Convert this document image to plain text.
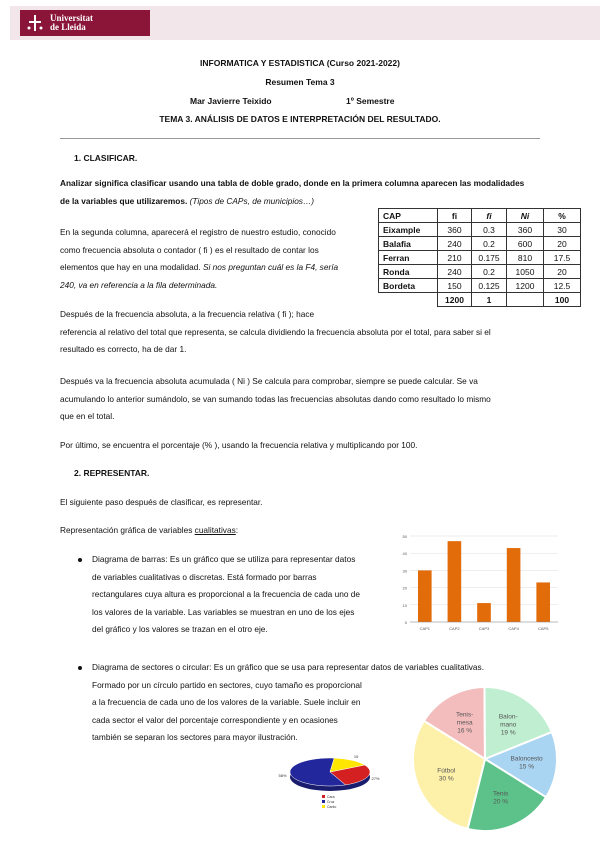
Universitat
de Lleida
INFORMATICA Y ESTADISTICA (Curso 2021-2022)
Resumen Tema 3
Mar Javierre Teixido	1º Semestre
TEMA 3. ANÁLISIS DE DATOS E INTERPRETACIÓN DEL RESULTADO.
1. CLASIFICAR.
Analizar significa clasificar usando una tabla de doble grado, donde en la primera columna aparecen las modalidades
de la variables que utilizaremos. (Tipos de CAPs, de municipios…)
En la segunda columna, aparecerá el registro de nuestro estudio, conocido
como frecuencia absoluta o contador ( fi ) es el resultado de contar los
elementos que hay en una modalidad. Si nos preguntan cuál es la F4, sería
240, va en referencia a la fila determinada.
CAP	fi	fi	Ni	%
Eixample	360	0.3	360	30
Balafia	240	0.2	600	20
Ferran	210	0.175	810	17.5
Ronda	240	0.2	1050	20
Bordeta	150	0.125	1200	12.5
	1200	1		100
Después de la frecuencia absoluta, a la frecuencia relativa ( fi ); hace
referencia al relativo del total que representa, se calcula dividiendo la frecuencia absoluta por el total, para saber si el
resultado es correcto, ha de dar 1.
Después va la frecuencia absoluta acumulada ( Ni ) Se calcula para comprobar, siempre se puede calcular. Se va
acumulando lo anterior sumándolo, se van sumando todas las frecuencias absolutas dando como resultado lo mismo
que en el total.
Por último, se encuentra el porcentaje (% ), usando la frecuencia relativa y multiplicando por 100.
2. REPRESENTAR.
El siguiente paso después de clasificar, es representar.
Representación gráfica de variables cualitativas:
Diagrama de barras: Es un gráfico que se utiliza para representar datos
de variables cualitativas o discretas. Está formado por barras
rectangulares cuya altura es proporcional a la frecuencia de cada uno de
los valores de la variable. Las variables se muestran en uno de los ejes
del gráfico y los valores se trazan en el otro eje.
0
10
20
30
40
50
CAP1	CAP2	CAP3	CAP4	CAP5
Diagrama de sectores o circular: Es un gráfico que se usa para representar datos de variables cualitativas.
Formado por un círculo partido en sectores, cuyo tamaño es proporcional
a la frecuencia de cada uno de los valores de la variable. Suele incluir en
cada sector el valor del porcentaje correspondiente y en ocasiones
también se separan los sectores para mayor ilustración.
Tenis-
mesa
16 %
Balon-
mano
19 %
Baloncesto
15 %
Tenis
20 %
Fútbol
30 %
27%
58%
15
Cara
Cruz
Canto
